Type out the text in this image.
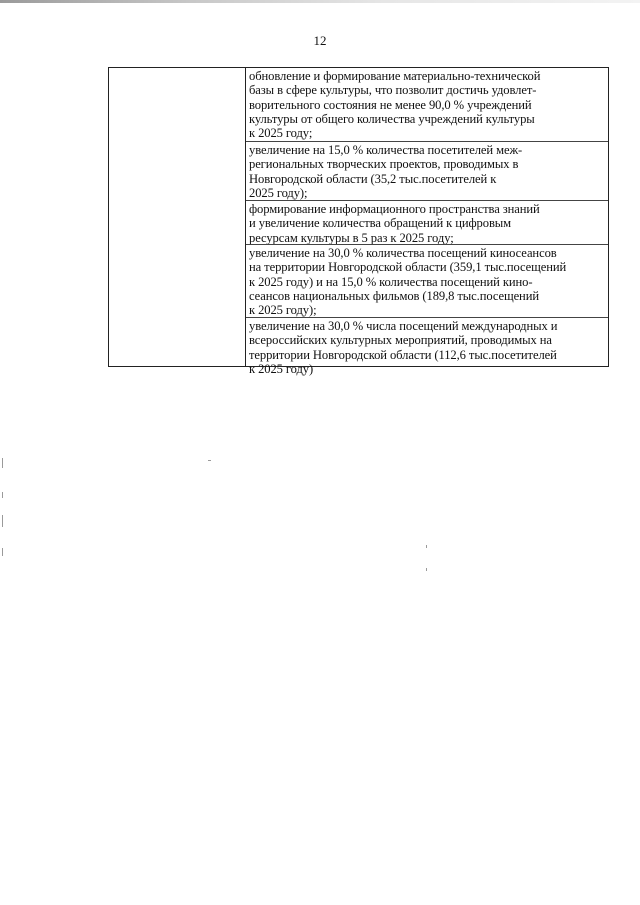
12
обновление и формирование материально-технической
базы в сфере культуры, что позволит достичь удовлет-
ворительного состояния не менее 90,0 % учреждений
культуры от общего количества учреждений культуры
к 2025 году;
увеличение на 15,0 % количества посетителей меж-
региональных творческих проектов, проводимых в
Новгородской области (35,2 тыс.посетителей к
2025 году);
формирование информационного пространства знаний
и увеличение количества обращений к цифровым
ресурсам культуры в 5 раз к 2025 году;
увеличение на 30,0 % количества посещений киносеансов
на территории Новгородской области (359,1 тыс.посещений
к 2025 году) и на 15,0 % количества посещений кино-
сеансов национальных фильмов (189,8 тыс.посещений
к 2025 году);
увеличение на 30,0 % числа посещений международных и
всероссийских культурных мероприятий, проводимых на
территории Новгородской области (112,6 тыс.посетителей
к 2025 году)
